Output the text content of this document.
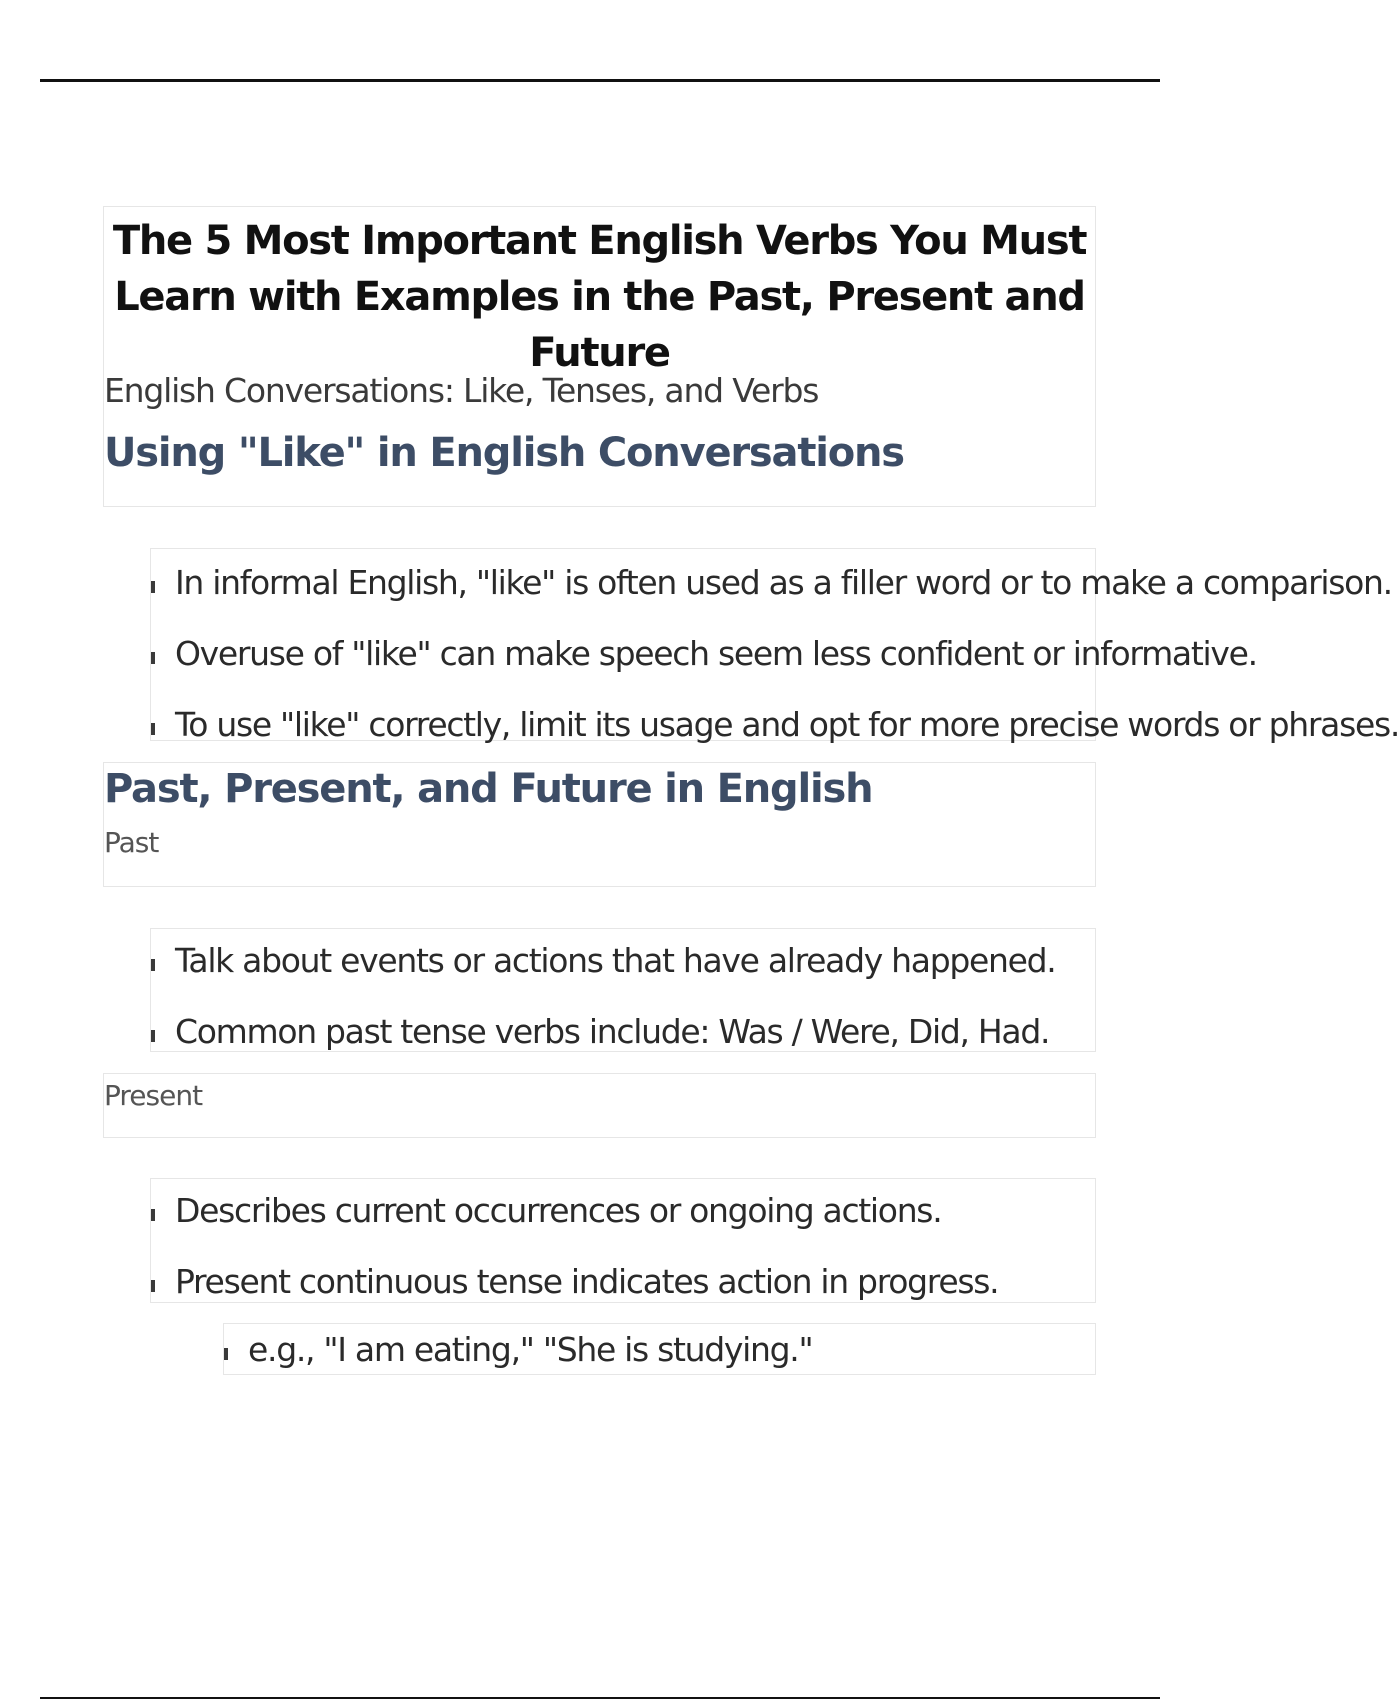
The 5 Most Important English Verbs You Must Learn with Examples in the Past, Present and Future
English Conversations: Like, Tenses, and Verbs
Using "Like" in English Conversations
In informal English, "like" is often used as a filler word or to make a comparison.
Overuse of "like" can make speech seem less confident or informative.
To use "like" correctly, limit its usage and opt for more precise words or phrases.
Past, Present, and Future in English
Past
Talk about events or actions that have already happened.
Common past tense verbs include: Was / Were, Did, Had.
Present
Describes current occurrences or ongoing actions.
Present continuous tense indicates action in progress.
e.g., "I am eating," "She is studying."
